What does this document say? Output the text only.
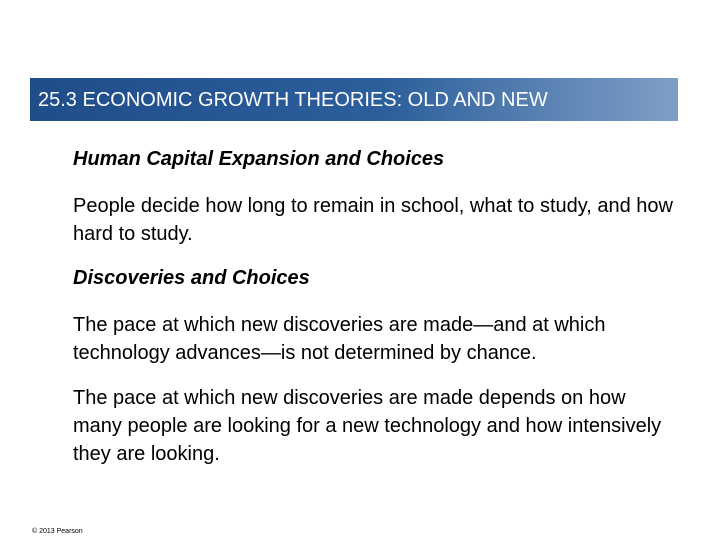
25.3 ECONOMIC GROWTH THEORIES: OLD AND NEW
Human Capital Expansion and Choices
People decide how long to remain in school, what to study, and how hard to study.
Discoveries and Choices
The pace at which new discoveries are made—and at which technology advances—is not determined by chance.
The pace at which new discoveries are made depends on how many people are looking for a new technology and how intensively they are looking.
© 2013 Pearson
